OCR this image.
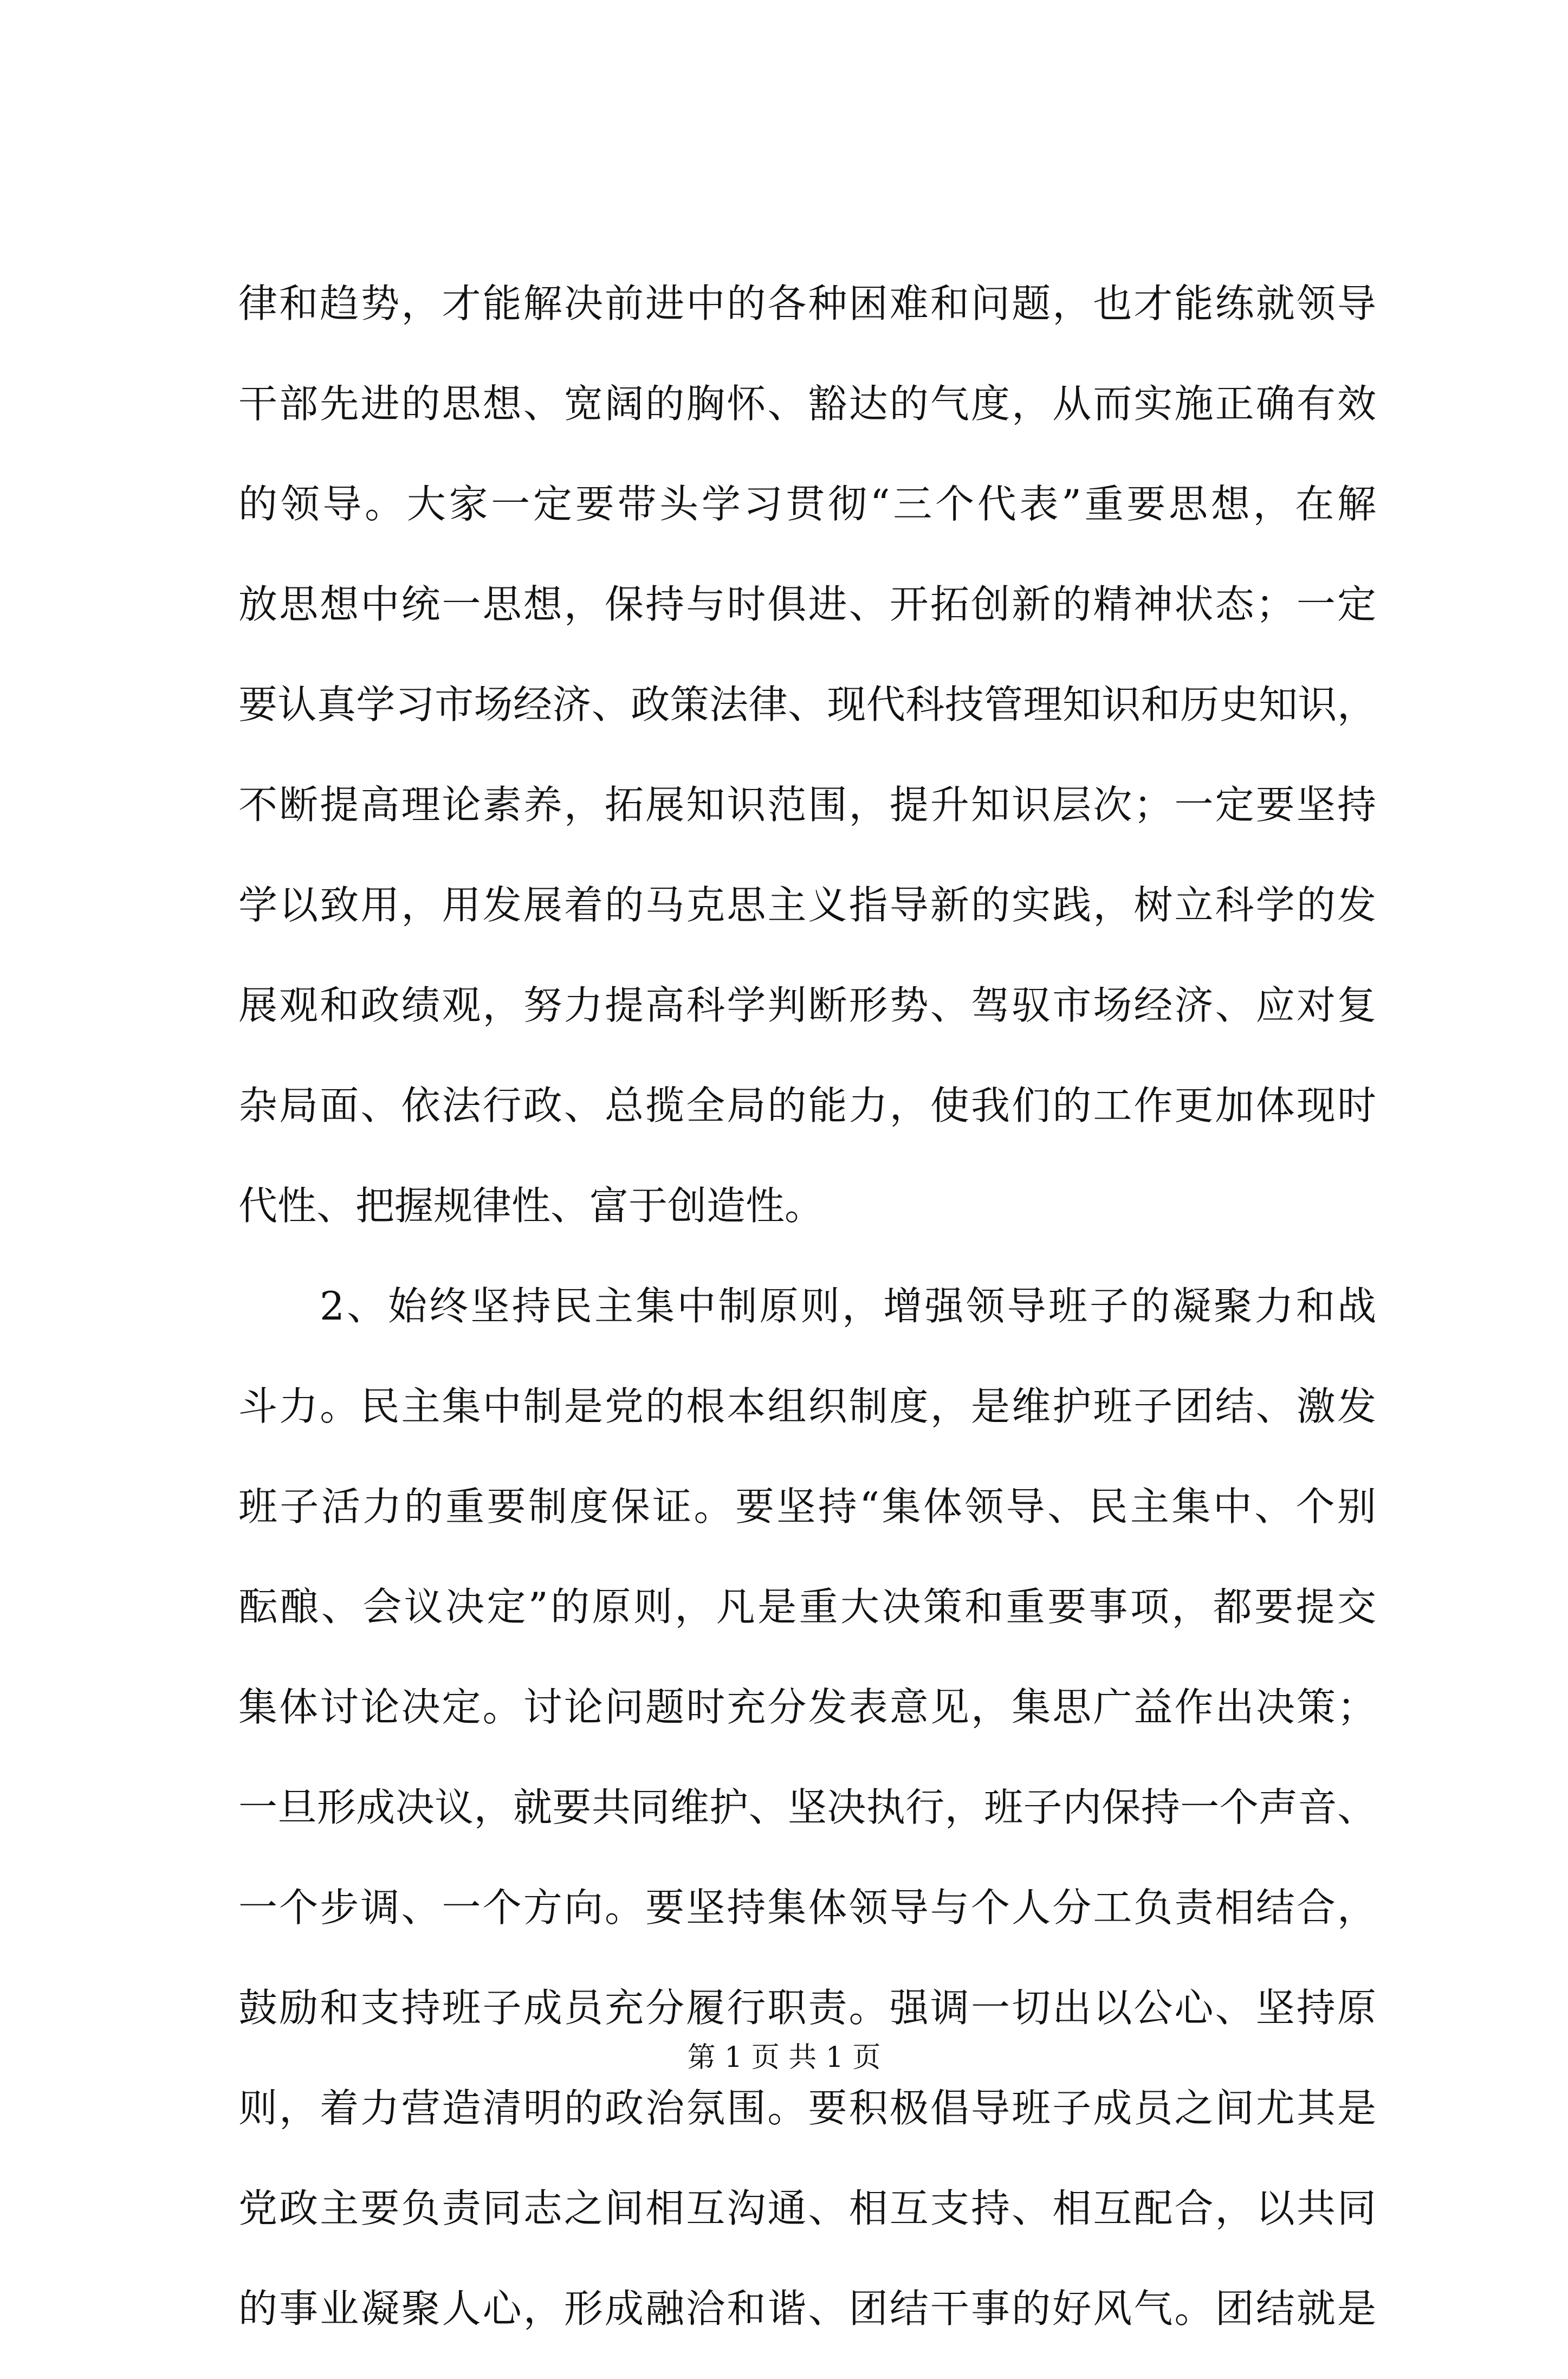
律和趋势，才能解决前进中的各种困难和问题，也才能练就领导
干部先进的思想、宽阔的胸怀、豁达的气度，从而实施正确有效
的领导。大家一定要带头学习贯彻“三个代表”重要思想，在解
放思想中统一思想，保持与时俱进、开拓创新的精神状态；一定
要认真学习市场经济、政策法律、现代科技管理知识和历史知识，
不断提高理论素养，拓展知识范围，提升知识层次；一定要坚持
学以致用，用发展着的马克思主义指导新的实践，树立科学的发
展观和政绩观，努力提高科学判断形势、驾驭市场经济、应对复
杂局面、依法行政、总揽全局的能力，使我们的工作更加体现时
代性、把握规律性、富于创造性。
2、始终坚持民主集中制原则，增强领导班子的凝聚力和战
斗力。民主集中制是党的根本组织制度，是维护班子团结、激发
班子活力的重要制度保证。要坚持“集体领导、民主集中、个别
酝酿、会议决定”的原则，凡是重大决策和重要事项，都要提交
集体讨论决定。讨论问题时充分发表意见，集思广益作出决策；
一旦形成决议，就要共同维护、坚决执行，班子内保持一个声音、
一个步调、一个方向。要坚持集体领导与个人分工负责相结合，
鼓励和支持班子成员充分履行职责。强调一切出以公心、坚持原
则，着力营造清明的政治氛围。要积极倡导班子成员之间尤其是
党政主要负责同志之间相互沟通、相互支持、相互配合，以共同
的事业凝聚人心，形成融洽和谐、团结干事的好风气。团结就是
第 1 页 共 1 页
